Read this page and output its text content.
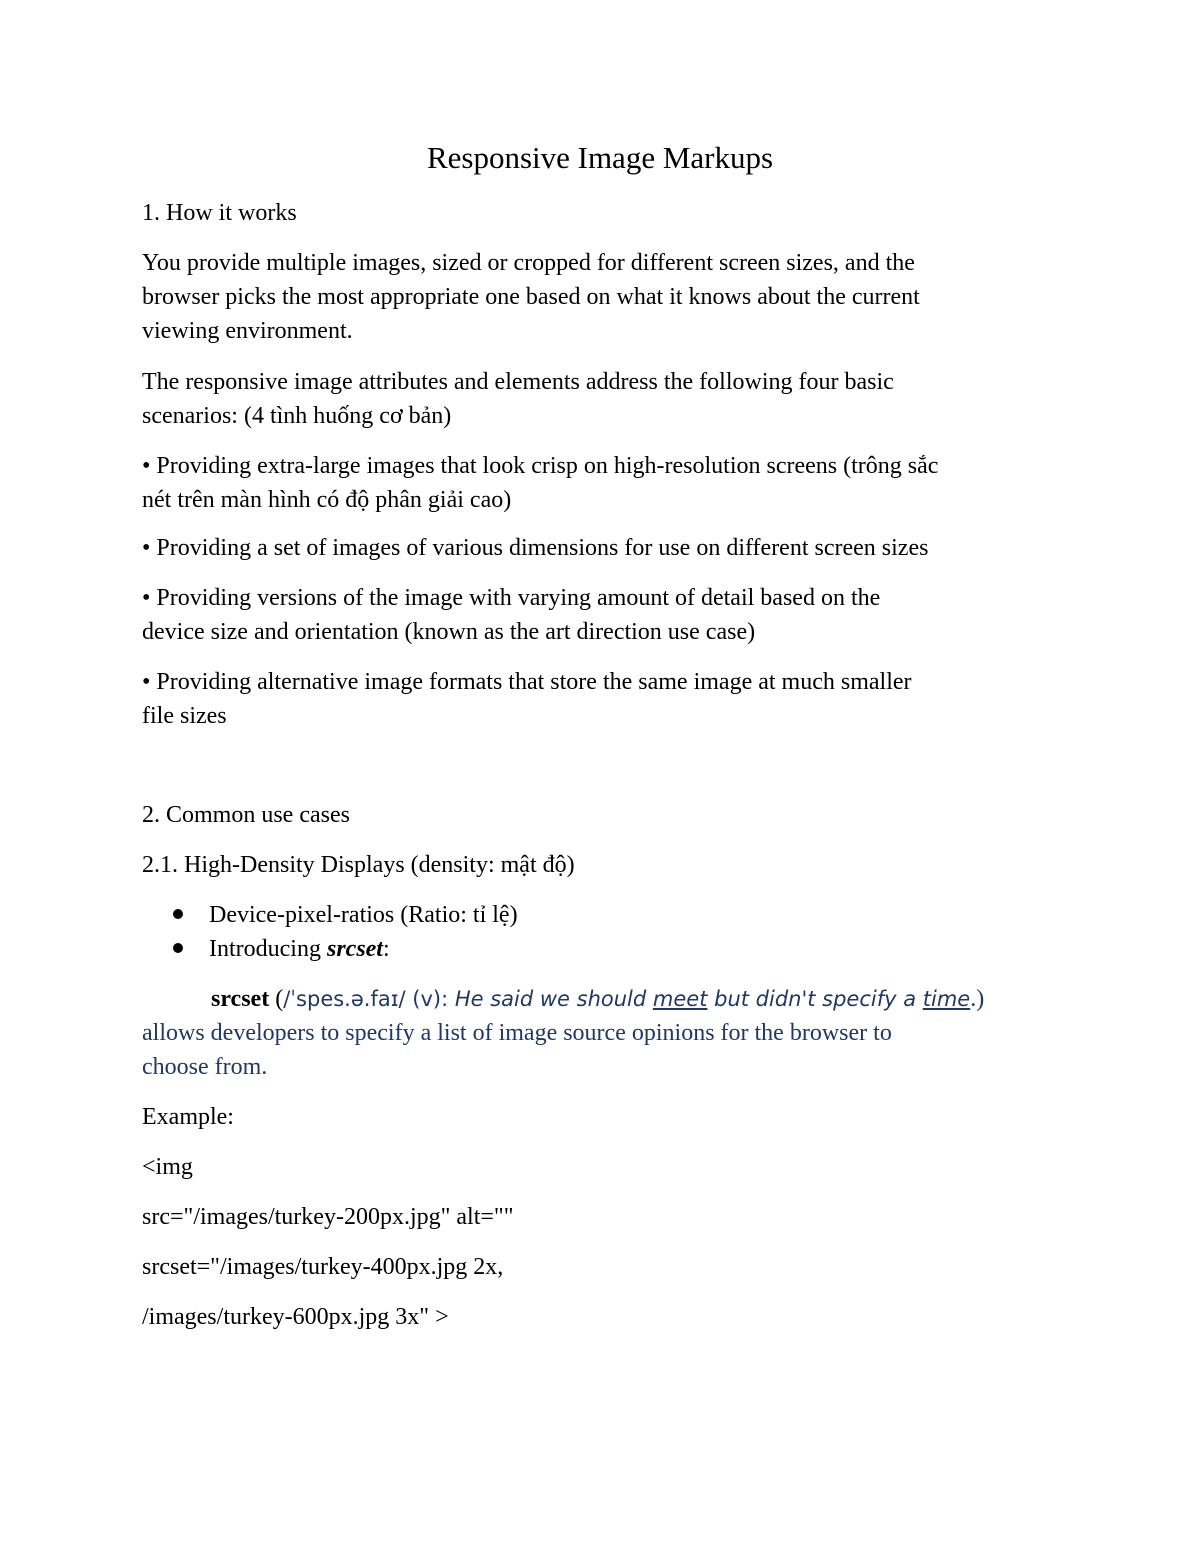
Responsive Image Markups

1. How it works

You provide multiple images, sized or cropped for different screen sizes, and the

browser picks the most appropriate one based on what it knows about the current

viewing environment.

The responsive image attributes and elements address the following four basic

scenarios: (4 tình huống cơ bản)

• Providing extra-large images that look crisp on high-resolution screens (trông sắc

nét trên màn hình có độ phân giải cao)

• Providing a set of images of various dimensions for use on different screen sizes

• Providing versions of the image with varying amount of detail based on the

device size and orientation (known as the art direction use case)

• Providing alternative image formats that store the same image at much smaller

file sizes

2. Common use cases

2.1. High-Density Displays (density: mật độ)

Device-pixel-ratios (Ratio: tỉ lệ)
Introducing srcset:

srcset (/ˈspes.ə.faɪ/ (v): He said we should meet but didn't specify a time.)

allows developers to specify a list of image source opinions for the browser to

choose from.

Example:

<img

src="/images/turkey-200px.jpg" alt=""

srcset="/images/turkey-400px.jpg 2x,

/images/turkey-600px.jpg 3x" >
